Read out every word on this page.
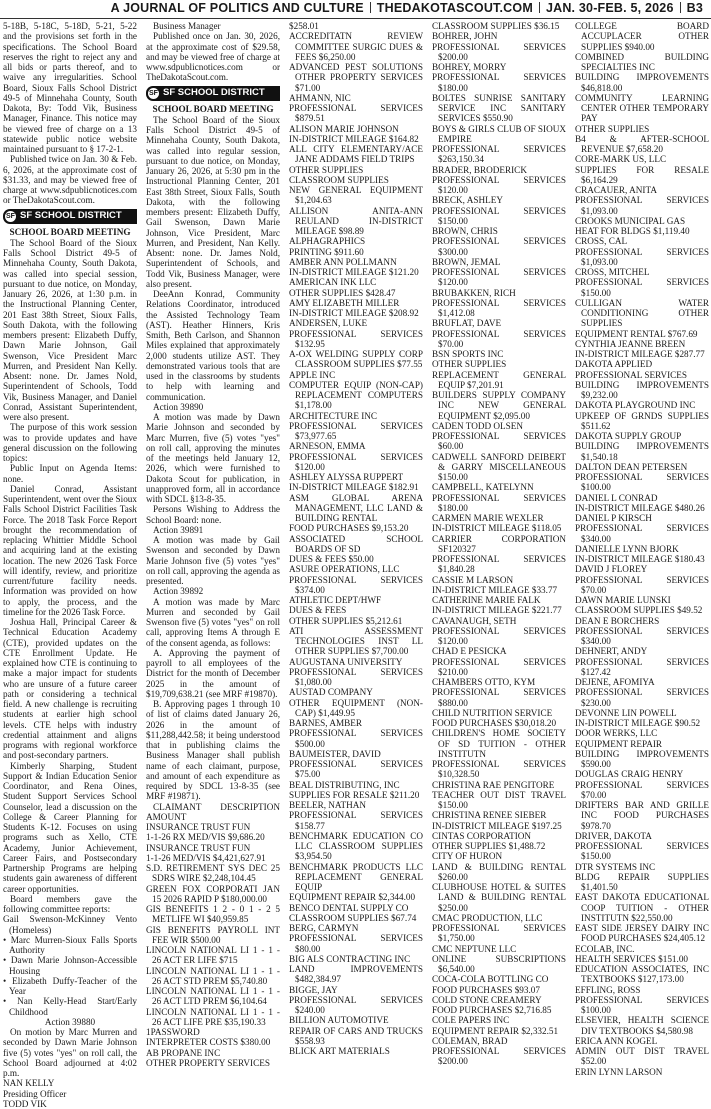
A JOURNAL OF POLITICS AND CULTURE THEDAKOTASCOUT.COM JAN. 30-FEB. 5, 2026 B3

5-18B, 5-18C, 5-18D, 5-21, 5-22 and the provisions set forth in the specifications. The School Board reserves the right to reject any and all bids or parts thereof, and to waive any irregularities. School Board, Sioux Falls School District 49-5 of Minnehaha County, South Dakota, By: Todd Vik, Business Manager, Finance. This notice may be viewed free of charge on a 13 statewide public notice website maintained pursuant to § 17-2-1.

Published twice on Jan. 30 & Feb. 6, 2026, at the approximate cost of $31.33, and may be viewed free of charge at www.sdpublicnotices.com or TheDakotaScout.com.

SF SF SCHOOL DISTRICT

SCHOOL BOARD MEETING

The School Board of the Sioux Falls School District 49-5 of Minnehaha County, South Dakota, was called into special session, pursuant to due notice, on Monday, January 26, 2026, at 1:30 p.m. in the Instructional Planning Center, 201 East 38th Street, Sioux Falls, South Dakota, with the following members present: Elizabeth Duffy, Dawn Marie Johnson, Gail Swenson, Vice President Marc Murren, and President Nan Kelly. Absent: none. Dr. James Nold, Superintendent of Schools, Todd Vik, Business Manager, and Daniel Conrad, Assistant Superintendent, were also present.

The purpose of this work session was to provide updates and have general discussion on the following topics:

Public Input on Agenda Items: none.

Daniel Conrad, Assistant Superintendent, went over the Sioux Falls School District Facilities Task Force. The 2018 Task Force Report brought the recommendation of replacing Whittier Middle School and acquiring land at the existing location. The new 2026 Task Force will identify, review, and prioritize current/future facility needs. Information was provided on how to apply, the process, and the timeline for the 2026 Task Force.

Joshua Hall, Principal Career & Technical Education Academy (CTE), provided updates on the CTE Enrollment Update. He explained how CTE is continuing to make a major impact for students who are unsure of a future career path or considering a technical field. A new challenge is recruiting students at earlier high school levels. CTE helps with industry credential attainment and aligns programs with regional workforce and post-secondary partners.

Kimberly Sharping, Student Support & Indian Education Senior Coordinator, and Rena Oines, Student Support Services School Counselor, lead a discussion on the College & Career Planning for Students K-12. Focuses on using programs such as Xello, CTE Academy, Junior Achievement, Career Fairs, and Postsecondary Partnership Programs are helping students gain awareness of different career opportunities.

Board members gave the following committee reports:

Gail Swenson-McKinney Vento (Homeless)

• Marc Murren-Sioux Falls Sports Authority

• Dawn Marie Johnson-Accessible Housing

• Elizabeth Duffy-Teacher of the Year

• Nan Kelly-Head Start/Early Childhood

Action 39880

On motion by Marc Murren and seconded by Dawn Marie Johnson five (5) votes "yes" on roll call, the School Board adjourned at 4:02 p.m.

NAN KELLY

Presiding Officer

TODD VIK

Business Manager

Published once on Jan. 30, 2026, at the approximate cost of $29.58, and may be viewed free of charge at www.sdpublicnotices.com or TheDakotaScout.com.

SF SF SCHOOL DISTRICT

SCHOOL BOARD MEETING

The School Board of the Sioux Falls School District 49-5 of Minnehaha County, South Dakota, was called into regular session, pursuant to due notice, on Monday, January 26, 2026, at 5:30 pm in the Instructional Planning Center, 201 East 38th Street, Sioux Falls, South Dakota, with the following members present: Elizabeth Duffy, Gail Swenson, Dawn Marie Johnson, Vice President, Marc Murren, and President, Nan Kelly. Absent: none. Dr. James Nold, Superintendent of Schools, and Todd Vik, Business Manager, were also present.

DeeAnn Konrad, Community Relations Coordinator, introduced the Assisted Technology Team (AST). Heather Hinners, Kris Smith, Beth Carlson, and Shannon Miles explained that approximately 2,000 students utilize AST. They demonstrated various tools that are used in the classrooms by students to help with learning and communication.

Action 39890

A motion was made by Dawn Marie Johnson and seconded by Marc Murren, five (5) votes "yes" on roll call, approving the minutes of the meetings held January 12, 2026, which were furnished to Dakota Scout for publication, in unapproved form, all in accordance with SDCL §13-8-35.

Persons Wishing to Address the School Board: none.

Action 39891

A motion was made by Gail Swenson and seconded by Dawn Marie Johnson five (5) votes "yes" on roll call, approving the agenda as presented.

Action 39892

A motion was made by Marc Murren and seconded by Gail Swenson five (5) votes "yes" on roll call, approving Items A through E of the consent agenda, as follows:

A. Approving the payment of payroll to all employees of the District for the month of December 2025 in the amount of $19,709,638.21 (see MRF #19870).

B. Approving pages 1 through 10 of list of claims dated January 26, 2026 in the amount of $11,288,442.58; it being understood that in publishing claims the Business Manager shall publish name of each claimant, purpose, and amount of each expenditure as required by SDCL 13-8-35 (see MRF #19871).

CLAIMANT DESCRIPTION AMOUNT

INSURANCE TRUST FUN

1-1-26 RX MED/VIS $9,686.20

INSURANCE TRUST FUN

1-1-26 MED/VIS $4,421,627.91

S.D. RETIREMENT SYS DEC 25 SDRS WIRE $2,248,104.45

GREEN FOX CORPORATI JAN 15 2026 RAPID P $180,000.00

GIS BENEFITS 1 2 - 0 1 - 2 5 METLIFE WI $40,959.85

GIS BENEFITS PAYROLL INT FEE WIR $500.00

LINCOLN NATIONAL LI 1 - 1 - 26 ACT ER LIFE $715

LINCOLN NATIONAL LI 1 - 1 - 26 ACT STD PREM $5,740.80

LINCOLN NATIONAL LI 1 - 1 - 26 ACT LTD PREM $6,104.64

LINCOLN NATIONAL LI 1 - 1 - 26 ACT LIFE PRE $35,190.33

1PASSWORD

INTERPRETER COSTS $380.00

AB PROPANE INC

OTHER PROPERTY SERVICES

$258.01

ACCREDITATN REVIEW COMMITTEE SURGIC DUES & FEES $6,250.00

ADVANCED PEST SOLUTIONS OTHER PROPERTY SERVICES $71.00

AHMANN, NIC

PROFESSIONAL SERVICES $879.51

ALISON MARIE JOHNSON

IN-DISTRICT MILEAGE $164.82

ALL CITY ELEMENTARY/ACE JANE ADDAMS FIELD TRIPS

OTHER SUPPLIES

CLASSROOM SUPPLIES

NEW GENERAL EQUIPMENT $1,204.63

ALLISON ANITA-ANN REULAND IN-DISTRICT MILEAGE $98.89

ALPHAGRAPHICS

PRINTING $911.60

AMBER ANN POLLMANN

IN-DISTRICT MILEAGE $121.20

AMERICAN INK LLC

OTHER SUPPLIES $428.47

AMY ELIZABETH MILLER

IN-DISTRICT MILEAGE $208.92

ANDERSEN, LUKE

PROFESSIONAL SERVICES $132.95

A-OX WELDING SUPPLY CORP CLASSROOM SUPPLIES $77.55

APPLE INC

COMPUTER EQUIP (NON-CAP) REPLACEMENT COMPUTERS $1,178.00

ARCHITECTURE INC

PROFESSIONAL SERVICES $73,977.65

ARNESON, EMMA

PROFESSIONAL SERVICES $120.00

ASHLEY ALYSSA RUPPERT

IN-DISTRICT MILEAGE $182.91

ASM GLOBAL ARENA MANAGEMENT, LLC LAND & BUILDING RENTAL

FOOD PURCHASES $9,153.20

ASSOCIATED SCHOOL BOARDS OF SD

DUES & FEES $50.00

ASURE OPERATIONS, LLC

PROFESSIONAL SERVICES $374.00

ATHLETIC DEPT/HWF

DUES & FEES

OTHER SUPPLIES $5,212.61

ATI ASSESSMENT TECHNOLOGIES INST LL OTHER SUPPLIES $7,700.00

AUGUSTANA UNIVERSITY

PROFESSIONAL SERVICES $1,080.00

AUSTAD COMPANY

OTHER EQUIPMENT (NON-CAP) $1,449.95

BARNES, AMBER

PROFESSIONAL SERVICES $500.00

BAUMEISTER, DAVID

PROFESSIONAL SERVICES $75.00

BEAL DISTRIBUTING, INC

SUPPLIES FOR RESALE $211.20

BEELER, NATHAN

PROFESSIONAL SERVICES $158.77

BENCHMARK EDUCATION CO LLC CLASSROOM SUPPLIES $3,954.50

BENCHMARK PRODUCTS LLC REPLACEMENT GENERAL EQUIP

EQUIPMENT REPAIR $2,344.00

BENCO DENTAL SUPPLY CO

CLASSROOM SUPPLIES $67.74

BERG, CARMYN

PROFESSIONAL SERVICES $80.00

BIG ALS CONTRACTING INC

LAND IMPROVEMENTS $482,384.97

BIGGE, JAY

PROFESSIONAL SERVICES $240.00

BILLION AUTOMOTIVE

REPAIR OF CARS AND TRUCKS $558.93

BLICK ART MATERIALS

CLASSROOM SUPPLIES $36.15

BOHRER, JOHN

PROFESSIONAL SERVICES $200.00

BOHREY, MORRY

PROFESSIONAL SERVICES $180.00

BOLTES SUNRISE SANITARY SERVICE INC SANITARY SERVICES $550.90

BOYS & GIRLS CLUB OF SIOUX EMPIRE

PROFESSIONAL SERVICES $263,150.34

BRADER, BRODERICK

PROFESSIONAL SERVICES $120.00

BRECK, ASHLEY

PROFESSIONAL SERVICES $150.00

BROWN, CHRIS

PROFESSIONAL SERVICES $300.00

BROWN, JEMAL

PROFESSIONAL SERVICES $120.00

BRUBAKKEN, RICH

PROFESSIONAL SERVICES $1,412.08

BRUFLAT, DAVE

PROFESSIONAL SERVICES $70.00

BSN SPORTS INC

OTHER SUPPLIES

REPLACEMENT GENERAL EQUIP $7,201.91

BUILDERS SUPPLY COMPANY INC NEW GENERAL EQUIPMENT $2,095.00

CADEN TODD OLSEN

PROFESSIONAL SERVICES $60.00

CADWELL SANFORD DEIBERT & GARRY MISCELLANEOUS $150.00

CAMPBELL, KATELYNN

PROFESSIONAL SERVICES $180.00

CARMEN MARIE WEXLER

IN-DISTRICT MILEAGE $118.05

CARRIER CORPORATION SF120327

PROFESSIONAL SERVICES $1,840.28

CASSIE M LARSON

IN-DISTRICT MILEAGE $33.77

CATHERINE MARIE FALK

IN-DISTRICT MILEAGE $221.77

CAVANAUGH, SETH

PROFESSIONAL SERVICES $120.00

CHAD E PESICKA

PROFESSIONAL SERVICES $210.00

CHAMBERS OTTO, KYM

PROFESSIONAL SERVICES $880.00

CHILD NUTRITION SERVICE

FOOD PURCHASES $30,018.20

CHILDREN'S HOME SOCIETY OF SD TUITION - OTHER INSTITUTN

PROFESSIONAL SERVICES $10,328.50

CHRISTINA RAE PENGITORE

TEACHER OUT DIST TRAVEL $150.00

CHRISTINA RENEE SIEBER

IN-DISTRICT MILEAGE $197.25

CINTAS CORPORATION

OTHER SUPPLIES $1,488.72

CITY OF HURON

LAND & BUILDING RENTAL $260.00

CLUBHOUSE HOTEL & SUITES LAND & BUILDING RENTAL $250.00

CMAC PRODUCTION, LLC

PROFESSIONAL SERVICES $1,750.00

CMC NEPTUNE LLC

ONLINE SUBSCRIPTIONS $6,540.00

COCA-COLA BOTTLING CO

FOOD PURCHASES $93.07

COLD STONE CREAMERY

FOOD PURCHASES $2,716.85

COLE PAPERS INC

EQUIPMENT REPAIR $2,332.51

COLEMAN, BRAD

PROFESSIONAL SERVICES $200.00

COLLEGE BOARD ACCUPLACER OTHER SUPPLIES $940.00

COMBINED BUILDING SPECIALTIES INC

BUILDING IMPROVEMENTS $46,818.00

COMMUNITY LEARNING CENTER OTHER TEMPORARY PAY

OTHER SUPPLIES

B4 & AFTER-SCHOOL REVENUE $7,658.20

CORE-MARK US, LLC

SUPPLIES FOR RESALE $6,164.29

CRACAUER, ANITA

PROFESSIONAL SERVICES $1,093.00

CROOKS MUNICIPAL GAS

HEAT FOR BLDGS $1,119.40

CROSS, CAL

PROFESSIONAL SERVICES $1,093.00

CROSS, MITCHEL

PROFESSIONAL SERVICES $150.00

CULLIGAN WATER CONDITIONING OTHER SUPPLIES

EQUIPMENT RENTAL $767.69

CYNTHIA JEANNE BREEN

IN-DISTRICT MILEAGE $287.77

DAKOTA APPLIED

PROFESSIONAL SERVICES

BUILDING IMPROVEMENTS $9,232.00

DAKOTA PLAYGROUND INC

UPKEEP OF GRNDS SUPPLIES $511.62

DAKOTA SUPPLY GROUP

BUILDING IMPROVEMENTS $1,540.18

DALTON DEAN PETERSEN

PROFESSIONAL SERVICES $100.00

DANIEL L CONRAD

IN-DISTRICT MILEAGE $480.26

DANIEL P KIRSCH

PROFESSIONAL SERVICES $340.00

DANIELLE LYNN BJORK

IN-DISTRICT MILEAGE $180.43

DAVID J FLOREY

PROFESSIONAL SERVICES $70.00

DAWN MARIE LUNSKI

CLASSROOM SUPPLIES $49.52

DEAN E BORCHERS

PROFESSIONAL SERVICES $340.00

DEHNERT, ANDY

PROFESSIONAL SERVICES $127.42

DEJENE, AFOMIYA

PROFESSIONAL SERVICES $230.00

DEVONNE LIN POWELL

IN-DISTRICT MILEAGE $90.52

DOOR WERKS, LLC

EQUIPMENT REPAIR

BUILDING IMPROVEMENTS $590.00

DOUGLAS CRAIG HENRY

PROFESSIONAL SERVICES $70.00

DRIFTERS BAR AND GRILLE INC FOOD PURCHASES $978.70

DRIVER, DAKOTA

PROFESSIONAL SERVICES $150.00

DTR SYSTEMS INC

BLDG REPAIR SUPPLIES $1,401.50

EAST DAKOTA EDUCATIONAL COOP TUITION - OTHER INSTITUTN $22,550.00

EAST SIDE JERSEY DAIRY INC FOOD PURCHASES $24,405.12

ECOLAB, INC.

HEALTH SERVICES $151.00

EDUCATION ASSOCIATES, INC TEXTBOOKS $127,173.00

EFFLING, ROSS

PROFESSIONAL SERVICES $100.00

ELSEVIER, HEALTH SCIENCE DIV TEXTBOOKS $4,580.98

ERICA ANN KOGEL

ADMIN OUT DIST TRAVEL $52.00

ERIN LYNN LARSON
